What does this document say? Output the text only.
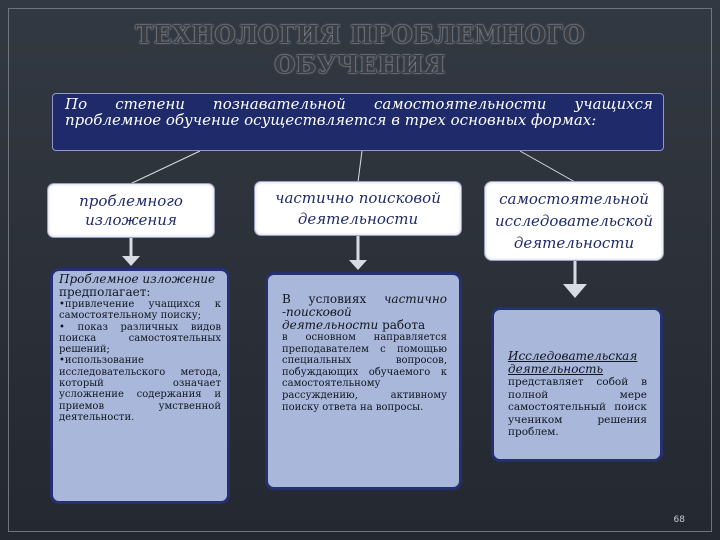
ТЕХНОЛОГИЯ ПРОБЛЕМНОГО
ОБУЧЕНИЯ
По степени познавательной самостоятельности учащихся проблемное обучение осуществляется в трех основных формах:
проблемного изложения
частично поисковой деятельности
самостоятельной исследовательской деятельности

Проблемное изложение

предполагает:

•привлечение учащихся к самостоятельному поиску;

• показ различных видов поиска самостоятельных решений;

•использование исследовательского метода, который означает усложнение содержания и приемов умственной деятельности.

В условиях частично -поисковой деятельности работа

в основном направляется преподавателем с помощью специальных вопросов, побуждающих обучаемого к самостоятельному рассуждению, активному поиску ответа на вопросы.

Исследовательская деятельность

представляет собой в полной мере самостоятельный поиск учеником решения проблем.

68
